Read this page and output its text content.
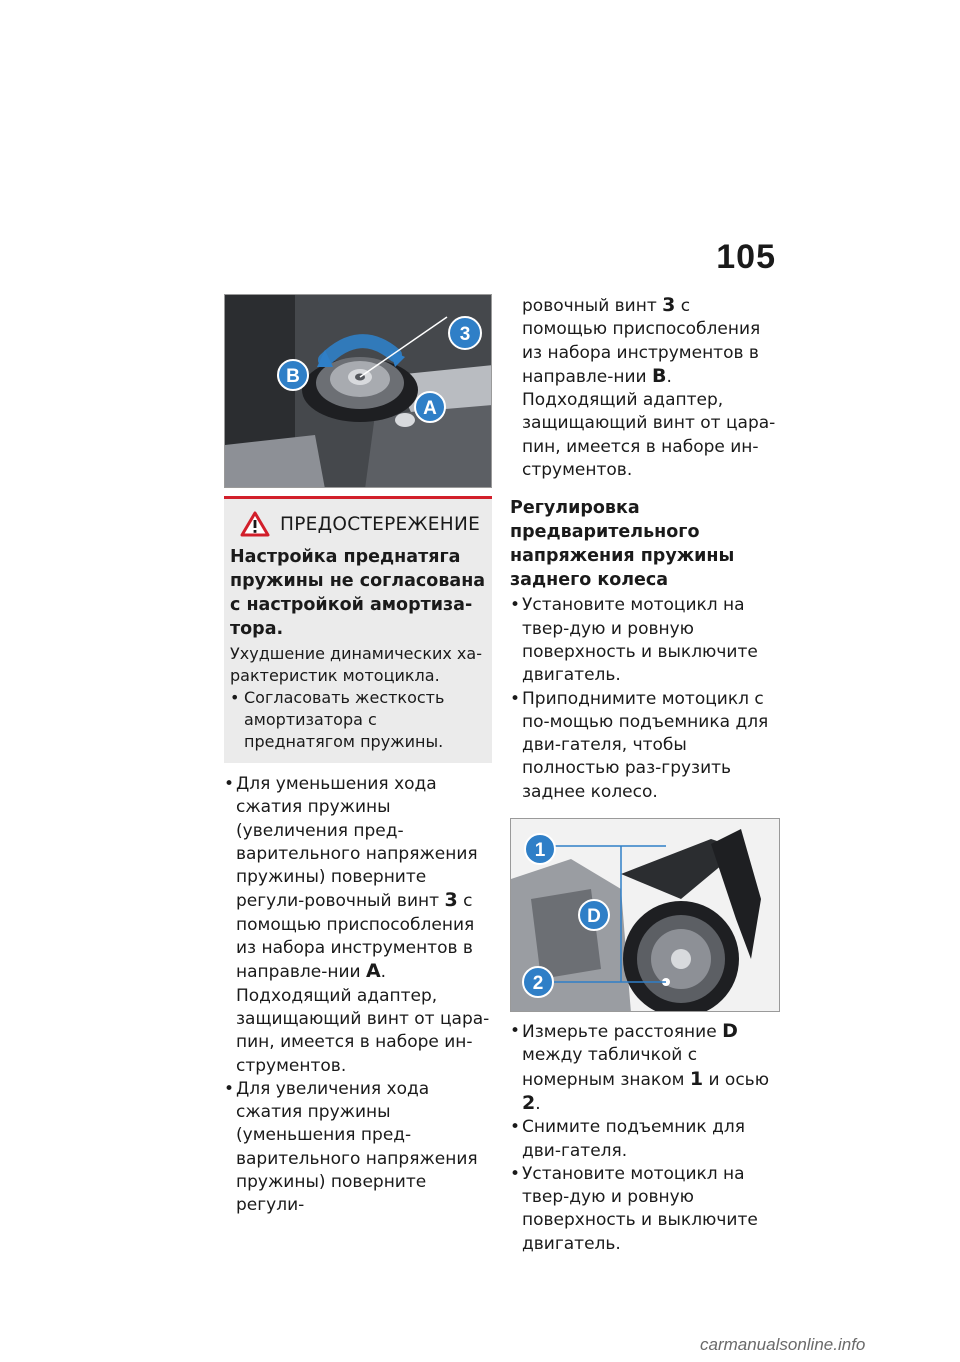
105
3
B
A
ПРЕДОСТЕРЕЖЕНИЕ
Настройка преднатяга пружины не согласована с настройкой амортиза-тора.
Ухудшение динамических ха-рактеристик мотоцикла.
• Согласовать жесткость амортизатора с преднатягом пружины.
• Для уменьшения хода сжатия пружины (увеличения пред-варительного напряжения пружины) поверните регули-ровочный винт 3 с помощью приспособления из набора инструментов в направле-нии A. Подходящий адаптер, защищающий винт от цара-пин, имеется в наборе ин-струментов.
• Для увеличения хода сжатия пружины (уменьшения пред-варительного напряжения пружины) поверните регули-
ровочный винт 3 с помощью приспособления из набора инструментов в направле-нии B. Подходящий адаптер, защищающий винт от цара-пин, имеется в наборе ин-струментов.
Регулировка предварительного напряжения пружины заднего колеса
• Установите мотоцикл на твер-дую и ровную поверхность и выключите двигатель.
• Приподнимите мотоцикл с по-мощью подъемника для дви-гателя, чтобы полностью раз-грузить заднее колесо.
1
2
D
• Измерьте расстояние D между табличкой с номерным знаком 1 и осью 2.
• Снимите подъемник для дви-гателя.
• Установите мотоцикл на твер-дую и ровную поверхность и выключите двигатель.
carmanualsonline.info
